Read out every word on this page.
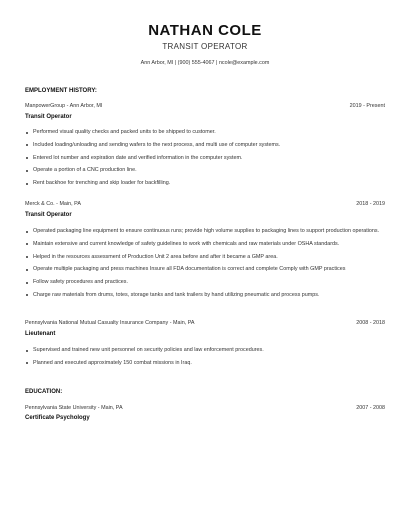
NATHAN COLE
TRANSIT OPERATOR
Ann Arbor, MI | (900) 555-4067 | ncole@example.com
EMPLOYMENT HISTORY:
ManpowerGroup - Ann Arbor, MI	2019 - Present
Transit Operator
Performed visual quality checks and packed units to be shipped to customer.
Included loading/unloading and sending wafers to the next process, and multi use of computer systems.
Entered lot number and expiration date and verified information in the computer system.
Operate a portion of a CNC production line.
Rent backhoe for trenching and skip loader for backfilling.
Merck & Co. - Main, PA	2018 - 2019
Transit Operator
Operated packaging line equipment to ensure continuous runs; provide high volume supplies to packaging lines to support production operations.
Maintain extensive and current knowledge of safety guidelines to work with chemicals and raw materials under OSHA standards.
Helped in the resources assessment of Production Unit 2 area before and after it became a GMP area.
Operate multiple packaging and press machines Insure all FDA documentation is correct and complete Comply with GMP practices
Follow safety procedures and practices.
Charge raw materials from drums, totes, storage tanks and tank trailers by hand utilizing pneumatic and process pumps.
Pennsylvania National Mutual Casualty Insurance Company - Main, PA	2008 - 2018
Lieutenant
Supervised and trained new unit personnel on security policies and law enforcement procedures.
Planned and executed approximately 150 combat missions in Iraq.
EDUCATION:
Pennsylvania State University - Main, PA	2007 - 2008
Certificate Psychology
